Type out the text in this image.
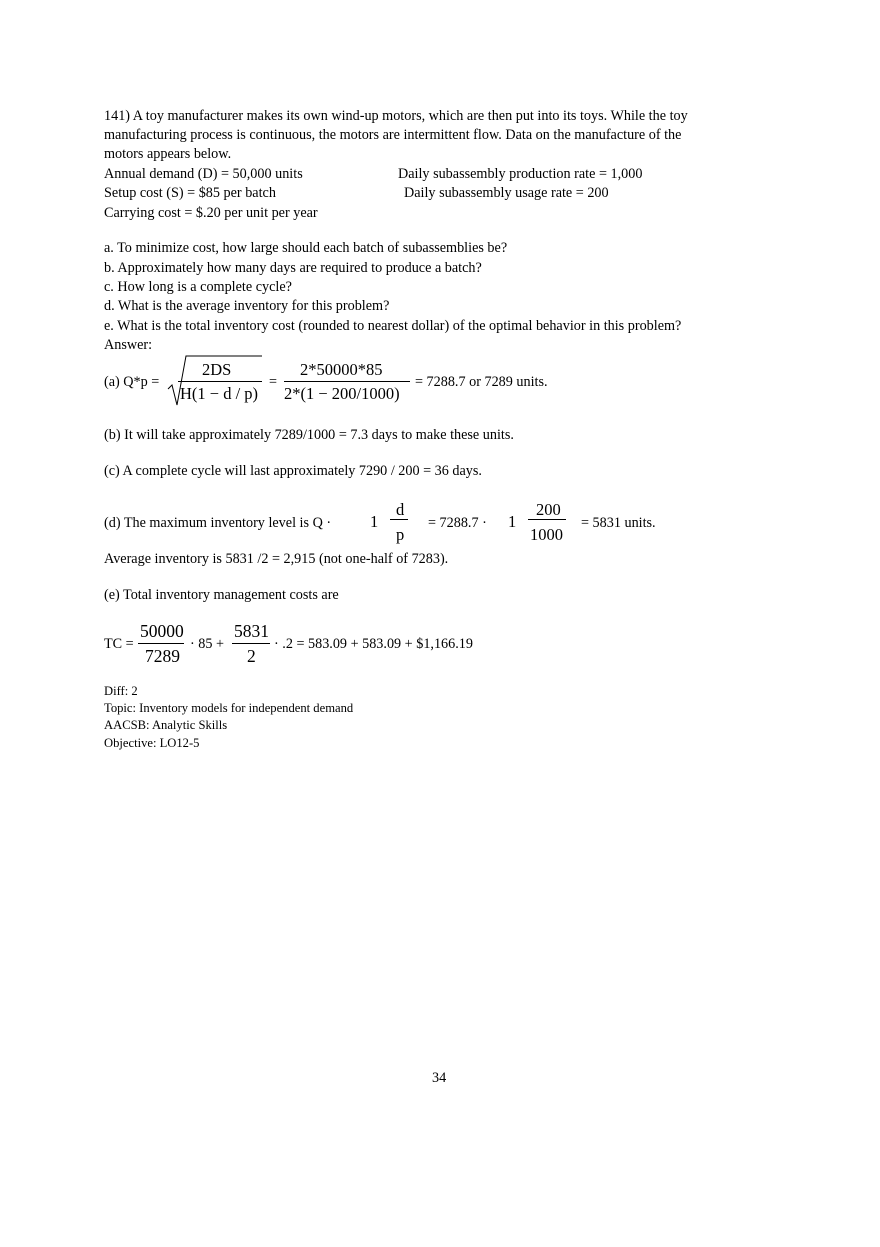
141) A toy manufacturer makes its own wind-up motors, which are then put into its toys. While the toy
manufacturing process is continuous, the motors are intermittent flow. Data on the manufacture of the
motors appears below.
Annual demand (D) = 50,000 units
Setup cost (S) = $85 per batch
Carrying cost = $.20 per unit per year
Daily subassembly production rate = 1,000
Daily subassembly usage rate = 200
a. To minimize cost, how large should each batch of subassemblies be?
b. Approximately how many days are required to produce a batch?
c. How long is a complete cycle?
d. What is the average inventory for this problem?
e. What is the total inventory cost (rounded to nearest dollar) of the optimal behavior in this problem?
Answer:
(a) Q*p =
2DS
H(1 − d / p)
=
2*50000*85
2*(1 − 200/1000)
= 7288.7 or 7289 units.
(b) It will take approximately 7289/1000 = 7.3 days to make these units.
(c) A complete cycle will last approximately 7290 / 200 = 36 days.
(d) The maximum inventory level is Q · 1
d
p
= 7288.7 · 1
200
1000
= 5831 units.
Average inventory is 5831 /2 = 2,915 (not one-half of 7283).
(e) Total inventory management costs are
TC =
50000
7289
· 85 +
5831
2
· .2 = 583.09 + 583.09 + $1,166.19
Diff: 2
Topic: Inventory models for independent demand
AACSB: Analytic Skills
Objective: LO12-5
34
